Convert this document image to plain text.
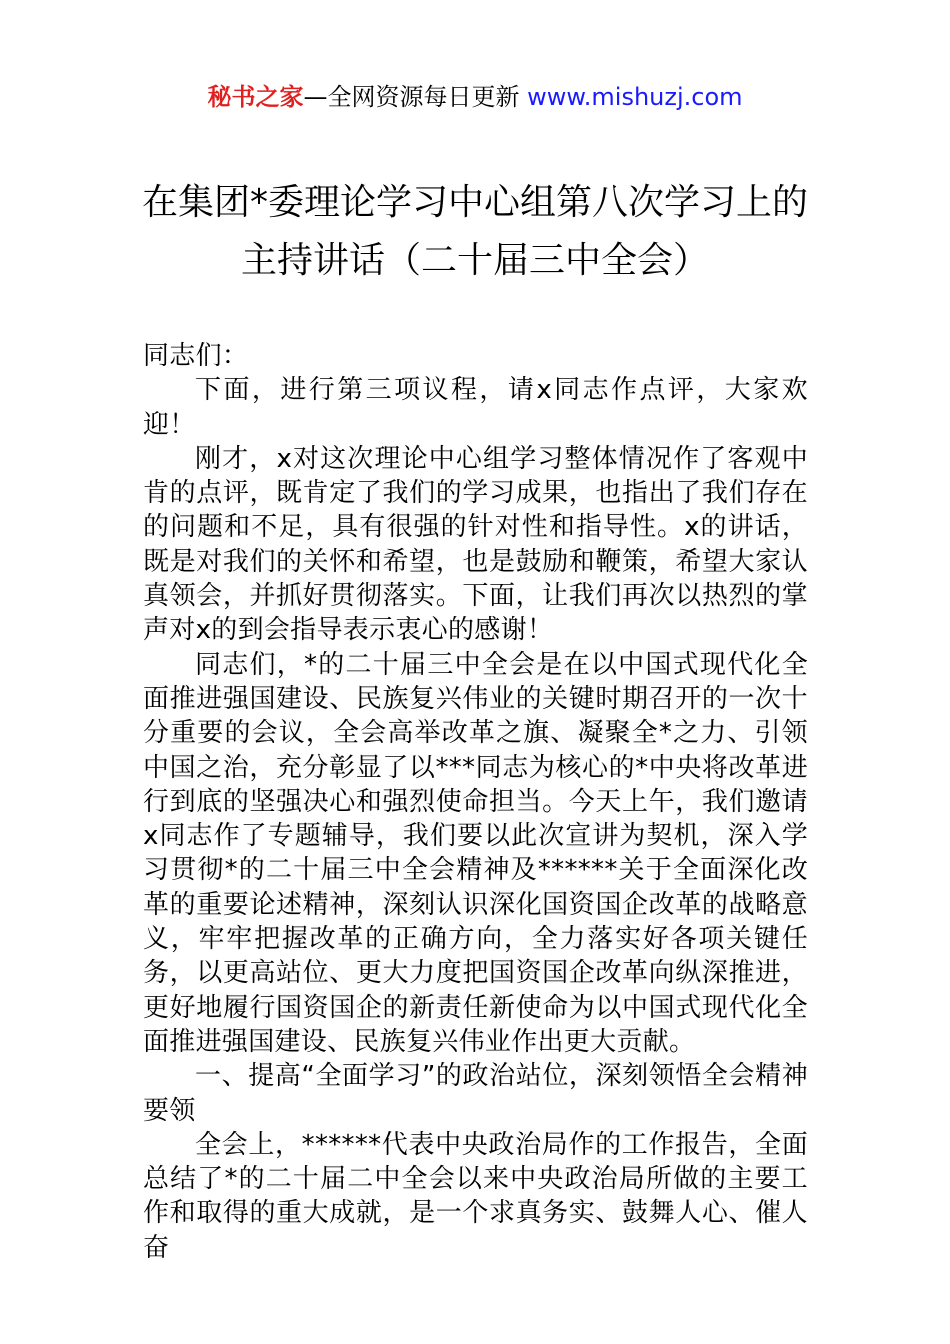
秘书之家—全网资源每日更新 www.mishuzj.com
在集团*委理论学习中心组第八次学习上的
主持讲话（二十届三中全会）

同志们：

下面，进行第三项议程，请x同志作点评，大家欢迎！

刚才，x对这次理论中心组学习整体情况作了客观中肯的点评，既肯定了我们的学习成果，也指出了我们存在的问题和不足，具有很强的针对性和指导性。x的讲话，既是对我们的关怀和希望，也是鼓励和鞭策，希望大家认真领会，并抓好贯彻落实。下面，让我们再次以热烈的掌声对x的到会指导表示衷心的感谢！

同志们，*的二十届三中全会是在以中国式现代化全面推进强国建设、民族复兴伟业的关键时期召开的一次十分重要的会议，全会高举改革之旗、凝聚全*之力、引领中国之治，充分彰显了以***同志为核心的*中央将改革进行到底的坚强决心和强烈使命担当。今天上午，我们邀请x同志作了专题辅导，我们要以此次宣讲为契机，深入学习贯彻*的二十届三中全会精神及******关于全面深化改革的重要论述精神，深刻认识深化国资国企改革的战略意义，牢牢把握改革的正确方向，全力落实好各项关键任务，以更高站位、更大力度把国资国企改革向纵深推进，更好地履行国资国企的新责任新使命为以中国式现代化全面推进强国建设、民族复兴伟业作出更大贡献。

一、提高“全面学习”的政治站位，深刻领悟全会精神要领

全会上，******代表中央政治局作的工作报告，全面总结了*的二十届二中全会以来中央政治局所做的主要工作和取得的重大成就，是一个求真务实、鼓舞人心、催人奋
